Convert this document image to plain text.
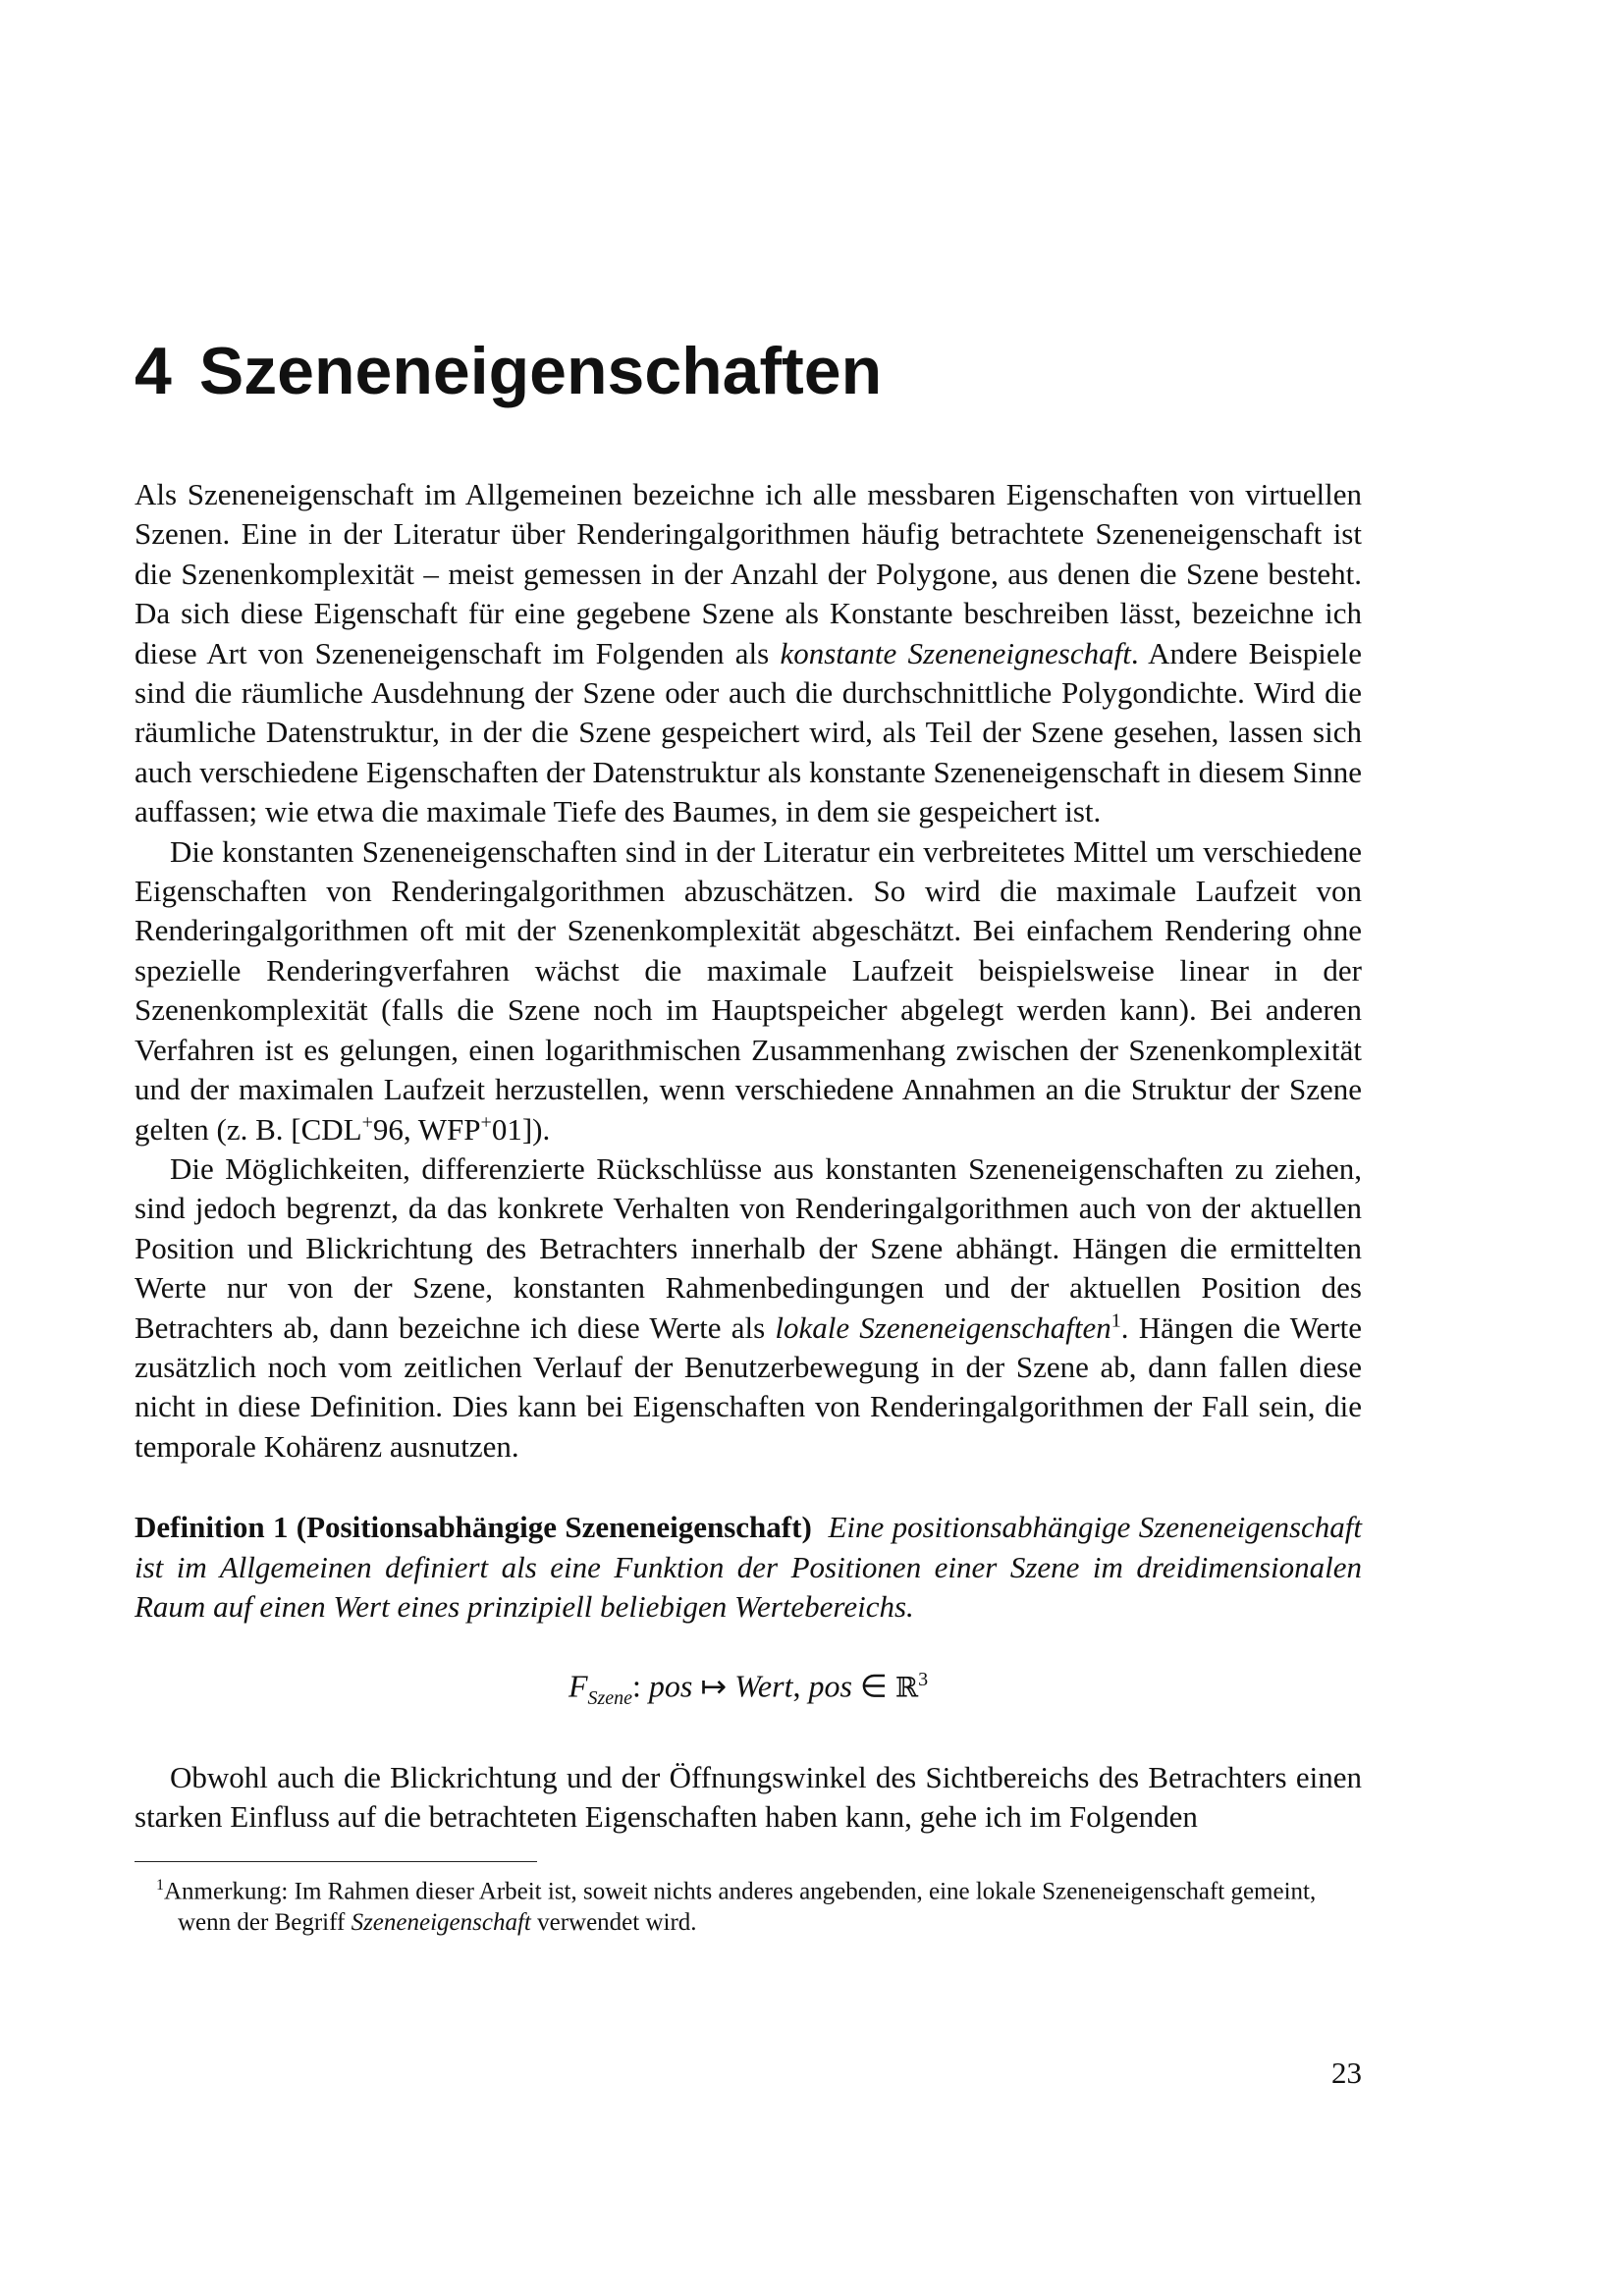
4 Szeneneigenschaften

Als Szeneneigenschaft im Allgemeinen bezeichne ich alle messbaren Eigenschaften von virtuellen Szenen. Eine in der Literatur über Renderingalgorithmen häufig betrachtete Szeneneigenschaft ist die Szenenkomplexität – meist gemessen in der Anzahl der Polygone, aus denen die Szene besteht. Da sich diese Eigenschaft für eine gegebene Szene als Konstante beschreiben lässt, bezeichne ich diese Art von Szeneneigenschaft im Folgenden als konstante Szeneneigneschaft. Andere Beispiele sind die räumliche Ausdehnung der Szene oder auch die durchschnittliche Polygondichte. Wird die räumliche Datenstruktur, in der die Szene gespeichert wird, als Teil der Szene gesehen, lassen sich auch verschiedene Eigenschaften der Datenstruktur als konstante Szeneneigenschaft in diesem Sinne auffassen; wie etwa die maximale Tiefe des Baumes, in dem sie gespeichert ist.

Die konstanten Szeneneigenschaften sind in der Literatur ein verbreitetes Mittel um verschiedene Eigenschaften von Renderingalgorithmen abzuschätzen. So wird die maximale Laufzeit von Renderingalgorithmen oft mit der Szenenkomplexität abgeschätzt. Bei einfachem Rendering ohne spezielle Renderingverfahren wächst die maximale Laufzeit beispielsweise linear in der Szenenkomplexität (falls die Szene noch im Hauptspeicher abgelegt werden kann). Bei anderen Verfahren ist es gelungen, einen logarithmischen Zusammenhang zwischen der Szenenkomplexität und der maximalen Laufzeit herzustellen, wenn verschiedene Annahmen an die Struktur der Szene gelten (z. B. [CDL+96, WFP+01]).

Die Möglichkeiten, differenzierte Rückschlüsse aus konstanten Szeneneigenschaften zu ziehen, sind jedoch begrenzt, da das konkrete Verhalten von Renderingalgorithmen auch von der aktuellen Position und Blickrichtung des Betrachters innerhalb der Szene abhängt. Hängen die ermittelten Werte nur von der Szene, konstanten Rahmenbedingungen und der aktuellen Position des Betrachters ab, dann bezeichne ich diese Werte als lokale Szeneneigenschaften$^1$. Hängen die Werte zusätzlich noch vom zeitlichen Verlauf der Benutzerbewegung in der Szene ab, dann fallen diese nicht in diese Definition. Dies kann bei Eigenschaften von Renderingalgorithmen der Fall sein, die temporale Kohärenz ausnutzen.

Definition 1 (Positionsabhängige Szeneneigenschaft) Eine positionsabhängige Szeneneigenschaft ist im Allgemeinen definiert als eine Funktion der Positionen einer Szene im dreidimensionalen Raum auf einen Wert eines prinzipiell beliebigen Wertebereichs.

$F_{Szene}$: pos ↦ Wert, pos ∈ ℝ$^3$

Obwohl auch die Blickrichtung und der Öffnungswinkel des Sichtbereichs des Betrachters einen starken Einfluss auf die betrachteten Eigenschaften haben kann, gehe ich im Folgenden

$^1$Anmerkung: Im Rahmen dieser Arbeit ist, soweit nichts anderes angebenden, eine lokale Szeneneigenschaft gemeint, wenn der Begriff Szeneneigenschaft verwendet wird.
23
